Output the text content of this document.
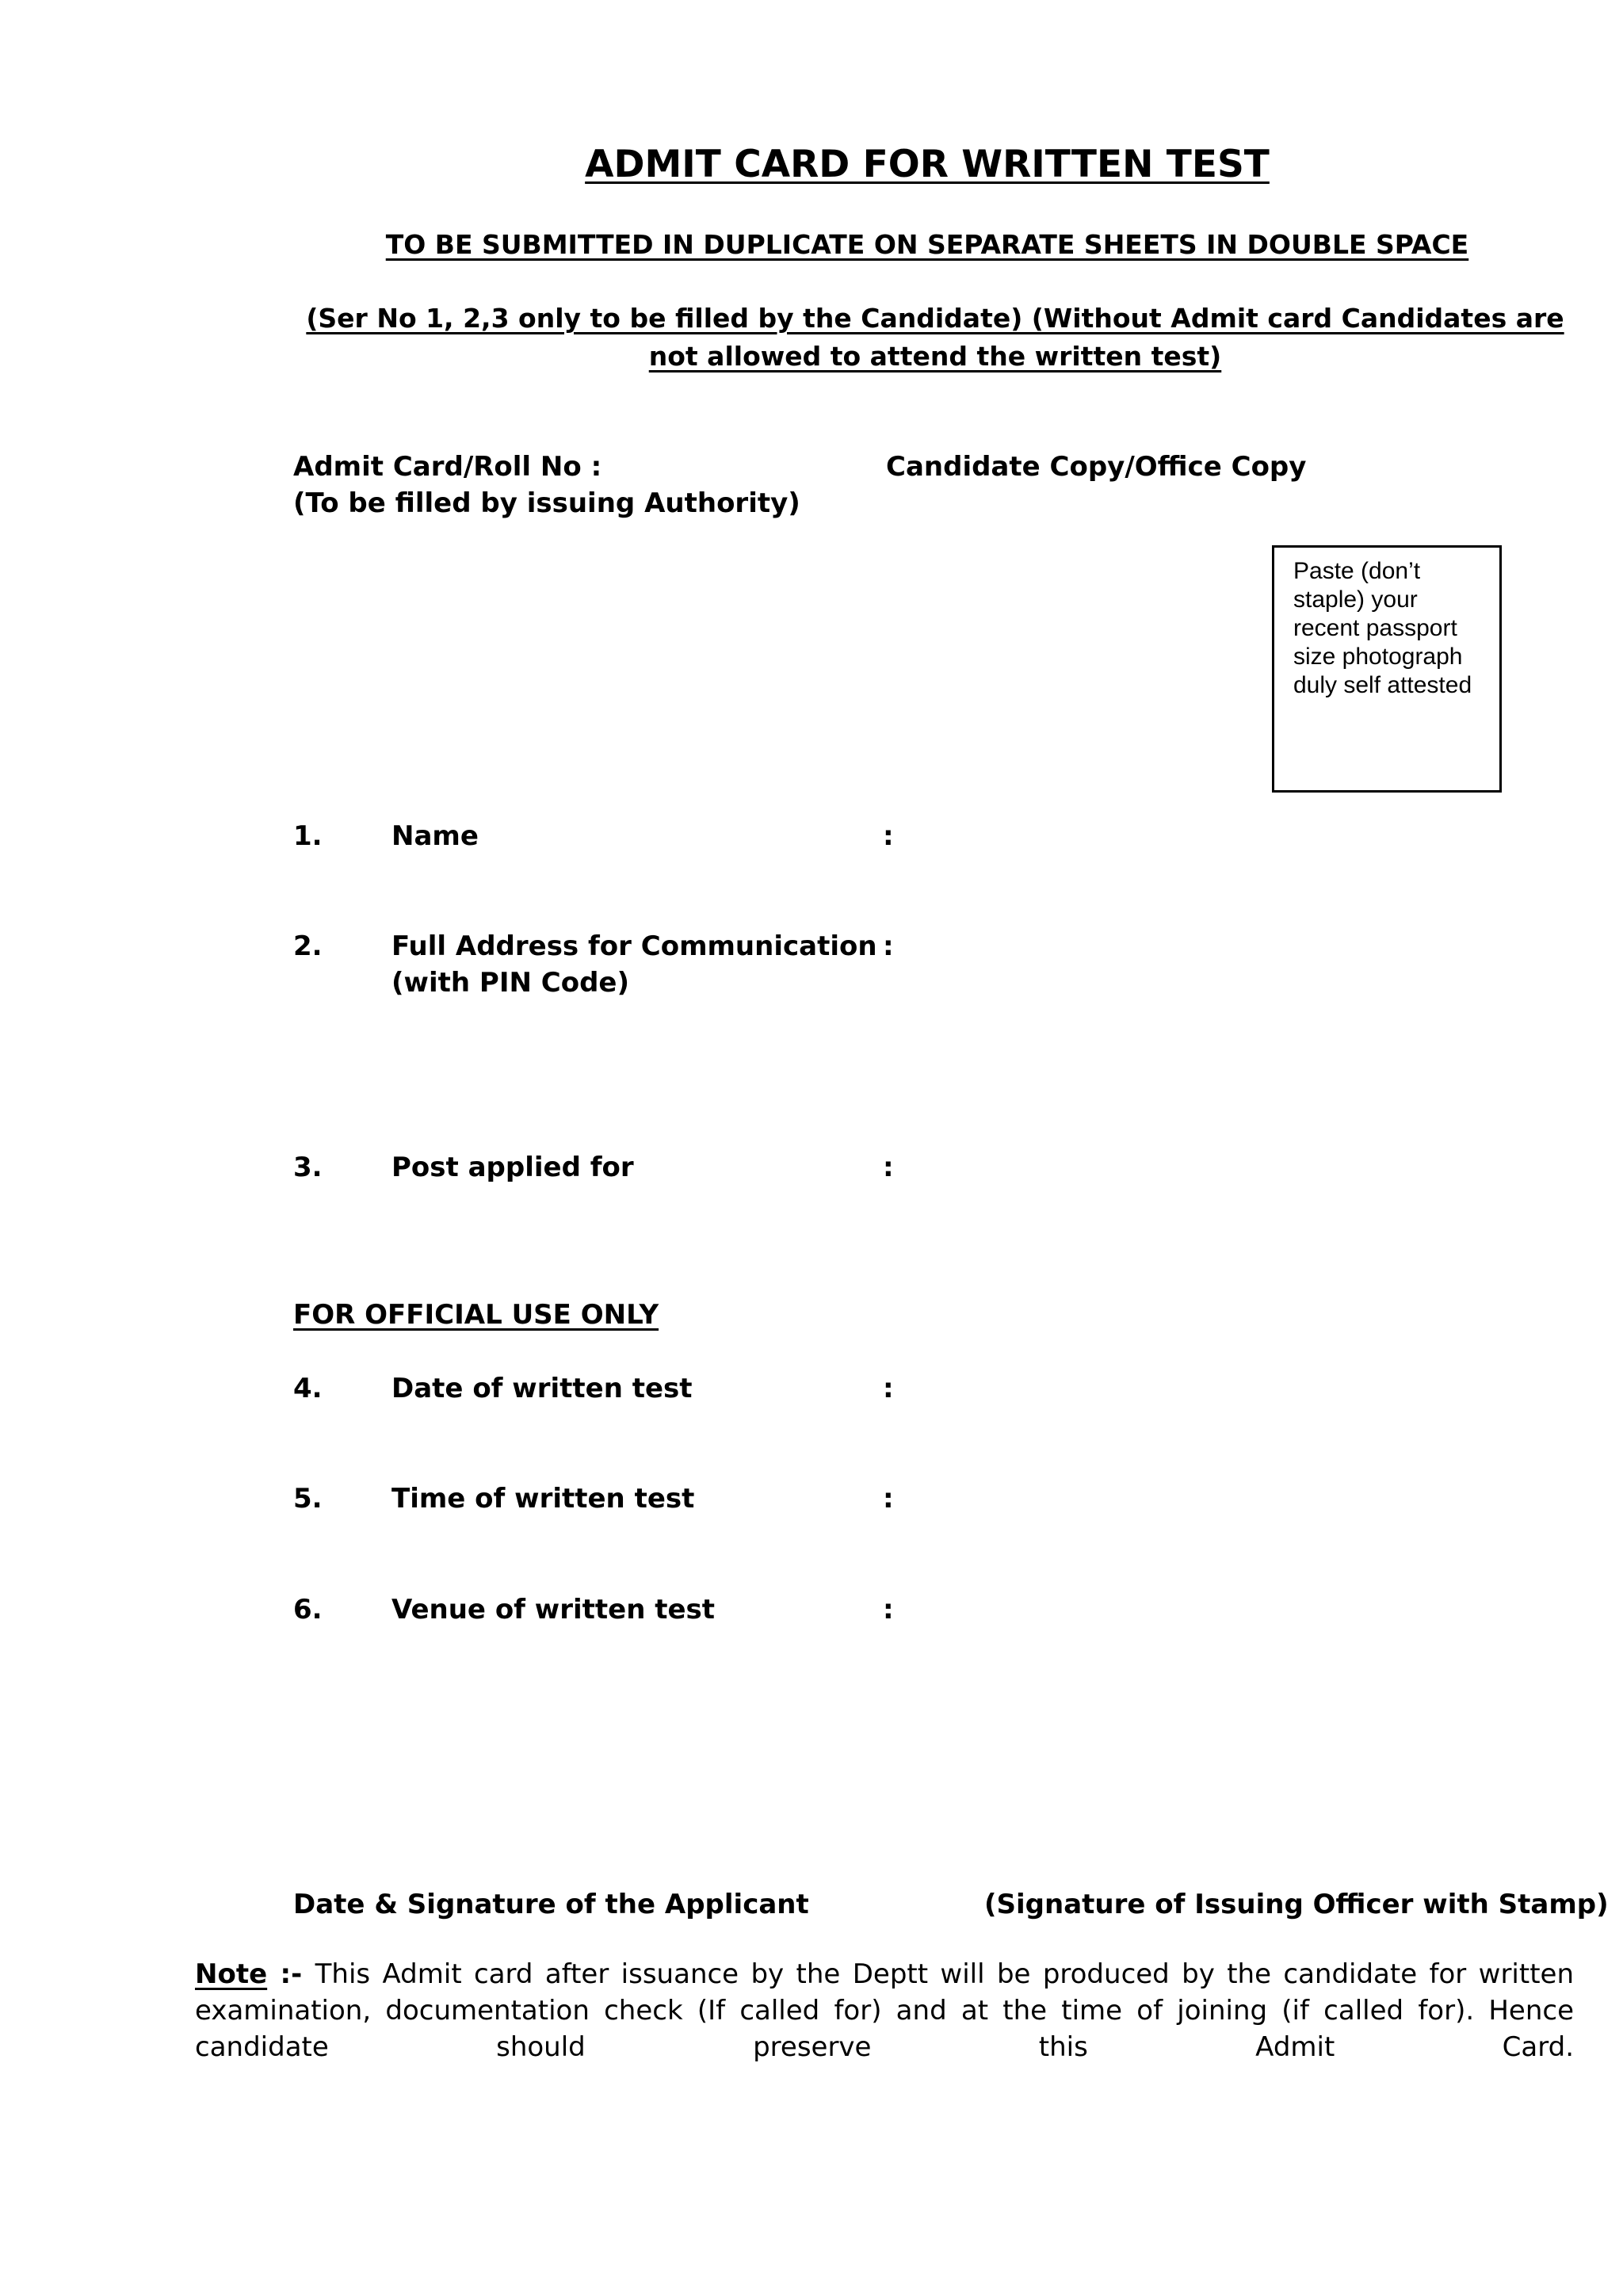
ADMIT CARD FOR WRITTEN TEST
TO BE SUBMITTED IN DUPLICATE ON SEPARATE SHEETS IN DOUBLE SPACE
(Ser No 1, 2,3 only to be filled by the Candidate) (Without Admit card Candidates are not allowed to attend the written test)
Admit Card/Roll No :
(To be filled by issuing Authority)
Candidate Copy/Office Copy
Paste (don’t staple) your recent passport size photograph duly self attested
1.	Name	:
2.	Full Address for Communication
(with PIN Code)
:
3.	Post applied for	:
FOR OFFICIAL USE ONLY
4.	Date of written test	:
5.	Time of written test	:
6.	Venue of written test	:
Date & Signature of the Applicant	(Signature of Issuing Officer with Stamp)
Note :- This Admit card after issuance by the Deptt will be produced by the candidate for written examination, documentation check (If called for) and at the time of joining (if called for). Hence candidate should preserve this Admit Card.
